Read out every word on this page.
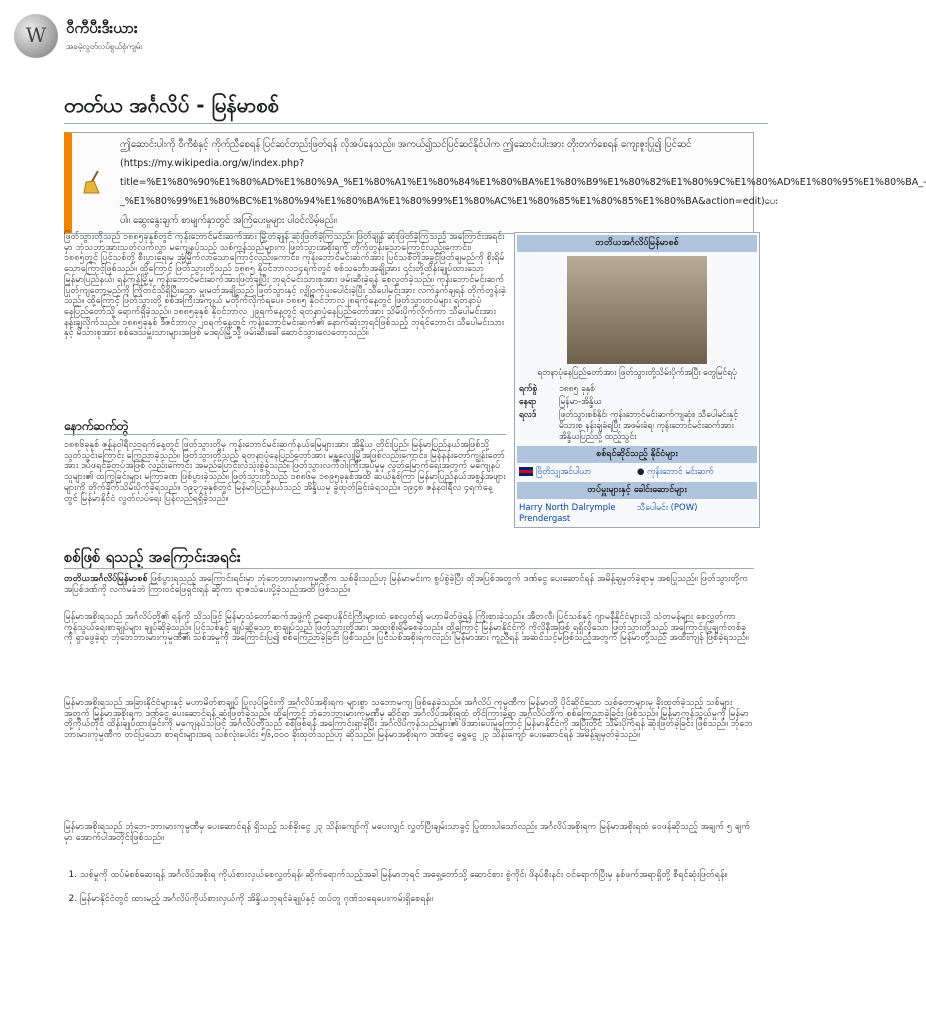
W
ဝီကီပီးဒီးယား
အခမဲ့လွတ်လပ်စွယ်စုံကျမ်း
တတ်ယ အင်္ဂလိပ် - မြန်မာစစ်
ဤဆောင်းပါးကို ဝီကီစံနှင့် ကိုက်ညီစေရန် ပြင်ဆင်တည်းဖြတ်ရန် လိုအပ်နေသည်။ အကယ်၍သင်ပြင်ဆင်နိုင်ပါက ဤဆောင်းပါးအား တိုးတက်စေရန် ကျေးဇူးပြု၍ ပြင်ဆင် (https://my.wikipedia.org/w/index.php?title=%E1%80%90%E1%80%AD%E1%80%9A_%E1%80%A1%E1%80%84%E1%80%BA%E1%80%B9%E1%80%82%E1%80%9C%E1%80%AD%E1%80%95%E1%80%BA_-_%E1%80%99%E1%80%BC%E1%80%94%E1%80%BA%E1%80%99%E1%80%AC%E1%80%85%E1%80%85%E1%80%BA&action=edit)ပေးပါ။ ဆွေးနွေးချက် စာမျက်နှာတွင် အကြံပေးမှုများ ပါဝင်လိမ့်မည်။
ဖြတ်သွားတို့သည် ၁၈၈၅ခုနှစ်တွင် ကုန်းဘောင်မင်းဆက်အား မြို့တံချုန် ဆုံးဖြတ်ခဲ့ကြသည်။ ဖြတ်ချုန် ဆုံးဖြတ်ခဲ့ကြသည့် အကြောင်းအရင်းမှာ ဘုံသဘာအားသတ်လက်လွှာ မကျေနပ်သည့် သစ်ကုန်သည်များက ဖြတ်သွားအစိုးရကို တိုက်တွန်းသောကြောင့်လည်းကောင်း၊ ၁၈၈၅တွင် ပြင်သစ်တို့ စီးပွားရေးမှ အုံ့မြိုက်လာသောကြောင့်လည်းကောင်း၊ ကုန်းဘောင်မင်းဆက်အား ပြင်သစ်တို့အခွင့်ဖြတ်ချမည်ကို စိုးရိမ်သောကြောင့်ဖြစ်သည်။ ထို့ကြောင့် ဖြတ်သွားတို့သည် ၁၈၈၅ နိုဝင်ဘာလ၁၄ရက်တွင် စစ်သင်္ဘောအချို့အား ၎င်းတို့ထိန်းချုပ်ထားသော မြန်မာပြည်နယ်၊ ရန်ကုန်မြို့မှ ကုန်းဘောင်မင်းဆက်အားဖြတ်ချပြီး ဘုရင်မင်းသားစုအား ဖမ်းဆီးခဲ့ရန် စေလွှတ်ခဲ့သည်။ ကုန်းဘောင်မင်းဆက်ပြုတ်ကျတော့မည်ကို ကြိုတင်သိရှိပြီးသော မှူးမတ်အချို့သည် ဖြတ်သွားနှင့် လျှို့ဝှက်ပူးပေါင်းခဲ့ပြီး သီပေါမင်းအား လက်နက်ချရန် တိုက်တွန်းခဲ့သည်။ ထို့ကြောင့် ဖြတ်သွားတို့ စစ်အကြီးအကျယ် မတိုက်လိုက်ရပေ။ ၁၈၈၅ နိုဝင်ဘာလ၂၈ရက်နေ့တွင် ဖြတ်သွားတပ်များ ရတနာပုံနေပြည်တော်သို့ ရောက်ရှိခဲ့သည်။ ၁၈၈၅ခုနှစ် နိုဝင်ဘာလ ၂၉ရက်နေ့တွင် ရတနာပုံနေပြည်တော်အား သိမ်းပိုက်လိုက်ကာ သီပေါမင်းအား နန်းချလိုက်သည်။ ၁၈၈၅ခုနှစ် ဒီဇင်ဘာလ ၂၀ရက်နေ့တွင် ကုန်းဘောင်မင်းဆက်၏ နောက်ဆုံးဘုရင်ဖြစ်သည့် ဘုရင်ဘောင်း သီပေါမင်းသားနှင့် မိသားစုအား စစ်ဒေသမှူးသားများအဖြစ် မဒရပ်မြို့သို့ ဖမ်းဆီးခေါ်ဆောင်သွားလေတော့သည်။
နောက်ဆက်တွဲ
၁၈၈၆ခုနှစ် ဇန်နဝါရီလ၁ရက်နေ့တွင် ဖြတ်သွားတို့မှ ကုန်းဘောင်မင်းဆက်နယ်မြေများအား အိန္ဒိယ တိုင်းပြည်၊ မြန်မာပြည်နယ်အဖြစ်သို့ သွတ်သွင်းကြောင်း ကြေညာခဲ့သည်။ ဖြတ်သွားတို့သည် ရတနာပုံနေပြည်တော်အား မန္တလေးမြို့အဖြစ်လည်းကောင်း၊ မြန်နန်းတော်ကျွန်းတော်အား ဒပ်ဖရင်ခံတပ်အဖြစ် လည်းကောင်း အမည်ပြောင်းလဲသုံးစွဲခဲ့သည်။ ဖြတ်သွားလက်ဝါးကြီးအုပ်မှုမှ လွတ်မြောက်ရေးအတွက် မကျေနပ်သူများ၏ ထကြွခြင်းများ မကြာခဏ ဖြစ်ပွားခဲ့သည်။ ဖြတ်သွားတို့သည် ၁၈၈၆မှ ၁၈၉၅ခုနှစ်အထိ ဆယ်နှစ်ကြာ မြန်မာပြည်နယ်အစွန်အဖျားများကို တိုက်ခိုက်သိမ်းပိုက်ခဲ့ရသည်။ ၁၉၃၇ခုနှစ်တွင် မြန်မာပြည်နယ်သည် အိန္ဒိယမှ ခွဲထုတ်ခြင်းခံရသည်။ ၁၉၄၈ ဇန်နဝါရီလ ၄ရက်နေ့တွင် မြန်မာနိုင်ငံ လွတ်လပ်ရေး ပြန်လည်ရရှိခဲ့သည်။
စစ်ဖြစ် ရသည့် အကြောင်းအရင်း
တတိယအင်္ဂလိပ်မြန်မာစစ် ဖြစ်ပွားရသည့် အကြောင်းရင်းမှာ ဘုံဘေဘားမားကုမ္ပဏီက သစ်ခိုးသည်ဟု မြန်မာမင်းက စွပ်စွဲခဲ့ပြီး ထိုအပြစ်အတွက် ဒဏ်ငွေ ပေးဆောင်ရန် အမိန့်ချမှတ်ခဲ့ရာမှ အစပြုသည်။ ဖြတ်သွားတို့က အပြစ်ဒဏ်ကို လက်မခံဘဲ ကြားဝင်ဖြေရှင်းရန် ဆိုကာ ရာဇသံပေးပို့ခဲ့သည်အထိ ဖြစ်သည်။
မြန်မာအစိုးရသည် အင်္ဂလိပ်တို့၏ ရန်ကို သိသဖြင့် မြန်မာ့သံတော်ဆက်အဖွဲ့ကို ဥရောပနိုင်ငံကြီးများထံ စေလွှတ်၍ မဟာမိတ်ဖွဲ့ရန် ကြိုးစားခဲ့သည်။ အီတလီ၊ ပြင်သစ်နှင့် ဂျာမနီနိုင်ငံများသို့ သံတမန်များ စေလွှတ်ကာ ကုန်သွယ်ရေးစာချုပ်များ ချုပ်ဆိုခဲ့သည်။ ပြင်သစ်နှင့် ချုပ်ဆိုသော စာချုပ်သည် ဖြတ်သွားတို့အား အထူးစိုးရိမ်စေခဲ့သည်။ ထို့ကြောင့် မြန်မာနိုင်ငံကို ကိုလိုနီအဖြစ် ရရှိလိုသော ဖြတ်သွားတို့သည် အကြောင်းပြချက်တစ်ခုကို ရှာဖွေခဲ့ရာ ဘုံဘေဘားမားကုမ္ပဏီ၏ သစ်အမှုကို အကြောင်းပြ၍ စစ်ကြေညာခဲ့ခြင်း ဖြစ်သည်။ ပြင်သစ်အစိုးရကလည်း မြန်မာအား ကူညီရန် အဆင်သင့်မဖြစ်သည့်အတွက် မြန်မာတို့သည် အထီးကျန် ဖြစ်ခဲ့ရသည်။
မြန်မာအစိုးရသည် အခြားနိုင်ငံများနှင့် မဟာမိတ်စာချုပ် ပြုလုပ်ခြင်းကို အင်္ဂလိပ်အစိုးရက များစွာ သဘောမကျ ဖြစ်နေခဲ့သည်။ အင်္ဂလိပ် ကုမ္ပဏီက မြန်မာတို့ ပိုင်ဆိုင်သော သစ်တောများမှ ခိုးထုတ်ခဲ့သည့် သစ်များအတွက် မြန်မာအစိုးရက ဒဏ်ငွေ ပေးဆောင်ရန် ဆုံးဖြတ်ခဲ့သည်။ ထို့ကြောင့် ဘုံဘေဘားမားကုမ္ပဏီမှ ဆိုင်ရာ အင်္ဂလိပ်အစိုးရထံ တိုင်ကြားခဲ့ရာ အင်္ဂလိပ်တို့က စစ်ကြေညာခဲ့ခြင်း ဖြစ်သည်။ မြန်မာ့ကုန်သွယ်မှုကို မြန်မာတို့ကိုယ်တိုင် ထိန်းချုပ်ထားခြင်းကို မကျေနပ်သဖြင့် အင်္ဂလိပ်တို့သည် စစ်ဖြစ်ရန် အကြောင်းရှာခဲ့ပြီး အင်္ဂလိပ်ကုန်သည်များ၏ ဖိအားပေးမှုကြောင့် မြန်မာနိုင်ငံကို အပြီးတိုင် သိမ်းပိုက်ရန် ဆုံးဖြတ်ခဲ့ခြင်း ဖြစ်သည်။ ဘုံဘေဘားမားကုမ္ပဏီက တင်ပြသော စာရင်းများအရ သစ်လုံးပေါင်း ၅၆,၀၀၀ ခိုးထုတ်သည်ဟု ဆိုသည်။ မြန်မာအစိုးရက ဒဏ်ငွေ ရွှေငွေ ၂၃ သိန်းကျော် ပေးဆောင်ရန် အမိန့်ချမှတ်ခဲ့သည်။
မြန်မာအစိုးရသည် ဘုံဘေ-ဘားမားကုမ္ပဏီမှ ပေးဆောင်ရန် ရှိသည့် သစ်ခိုးငွေ ၂၃ သိန်းကျော်ကို မပေးလျှင် လွှတ်ပြီးချမ်းသာခွင့် ပြုထားပါသော်လည်း အင်္ဂလိပ်အစိုးရက မြန်မာအစိုးရထံ ဝေဖန်ဆိုသည့် အချက် ၅ ချက်မှာ အောက်ပါအတိုင်းဖြစ်သည်။
1. သစ်မှုကို ထပ်မံစစ်ဆေးရန် အင်္ဂလိပ်အစိုးရ ကိုယ်စားလှယ်စေလွှတ်ရန်၊ ဆိုက်ရောက်သည့်အခါ မြန်မာဘုရင် အရှေ့တော်သို့ ဆောင်စား စွဲကိုင်၊ ဖိနပ်စီးနင်း ဝင်ရောက်ပြီးမှ နှစ်ဖက်အရာရှိတို့ စီရင်ဆုံးဖြတ်ရန်။
2. မြန်မာနိုင်ငံတွင် ထားမည့် အင်္ဂလိပ်ကိုယ်စားလှယ်ကို အိန္ဒိယဘုရင်ခံချုပ်နှင့် ထပ်တူ ဂုဏ်သရေပေးကမ်းရှိစေရန်။
တတိယအင်္ဂလိပ်မြန်မာစစ်
ရတနာပုံနေပြည်တော်အား ဖြတ်သွားတို့သိမ်းပိုက်အပြီး တွေမြင်ရပုံ
ရက်စွဲ	၁၈၈၅ ခုနှစ်
နေရာ	မြန်မာ-အိန္ဒိယ
ရလဒ်	ဖြတ်သွားစစ်နိုင်၊ ကုန်းဘောင်မင်းဆက်ကျဆုံး၊ သီပေါမင်းနှင့် မိသားစု နန်းချခံရပြီး အဖမ်းခံရ၊ ကုန်းဘောင်မင်းဆက်အား အိန္ဒိယပြည်သို့ ထည့်သွင်း
စစ်ရင်ဆိုင်သည့် နိုင်ငံများ
ဗြိတိသျှအင်ပါယာ
●	ကုန်းဘောင် မင်းဆက်
တပ်မှူးများနှင့် ခေါင်းဆောင်များ
Harry North Dalrymple
Prendergast
သီပေါမင်း (POW)
